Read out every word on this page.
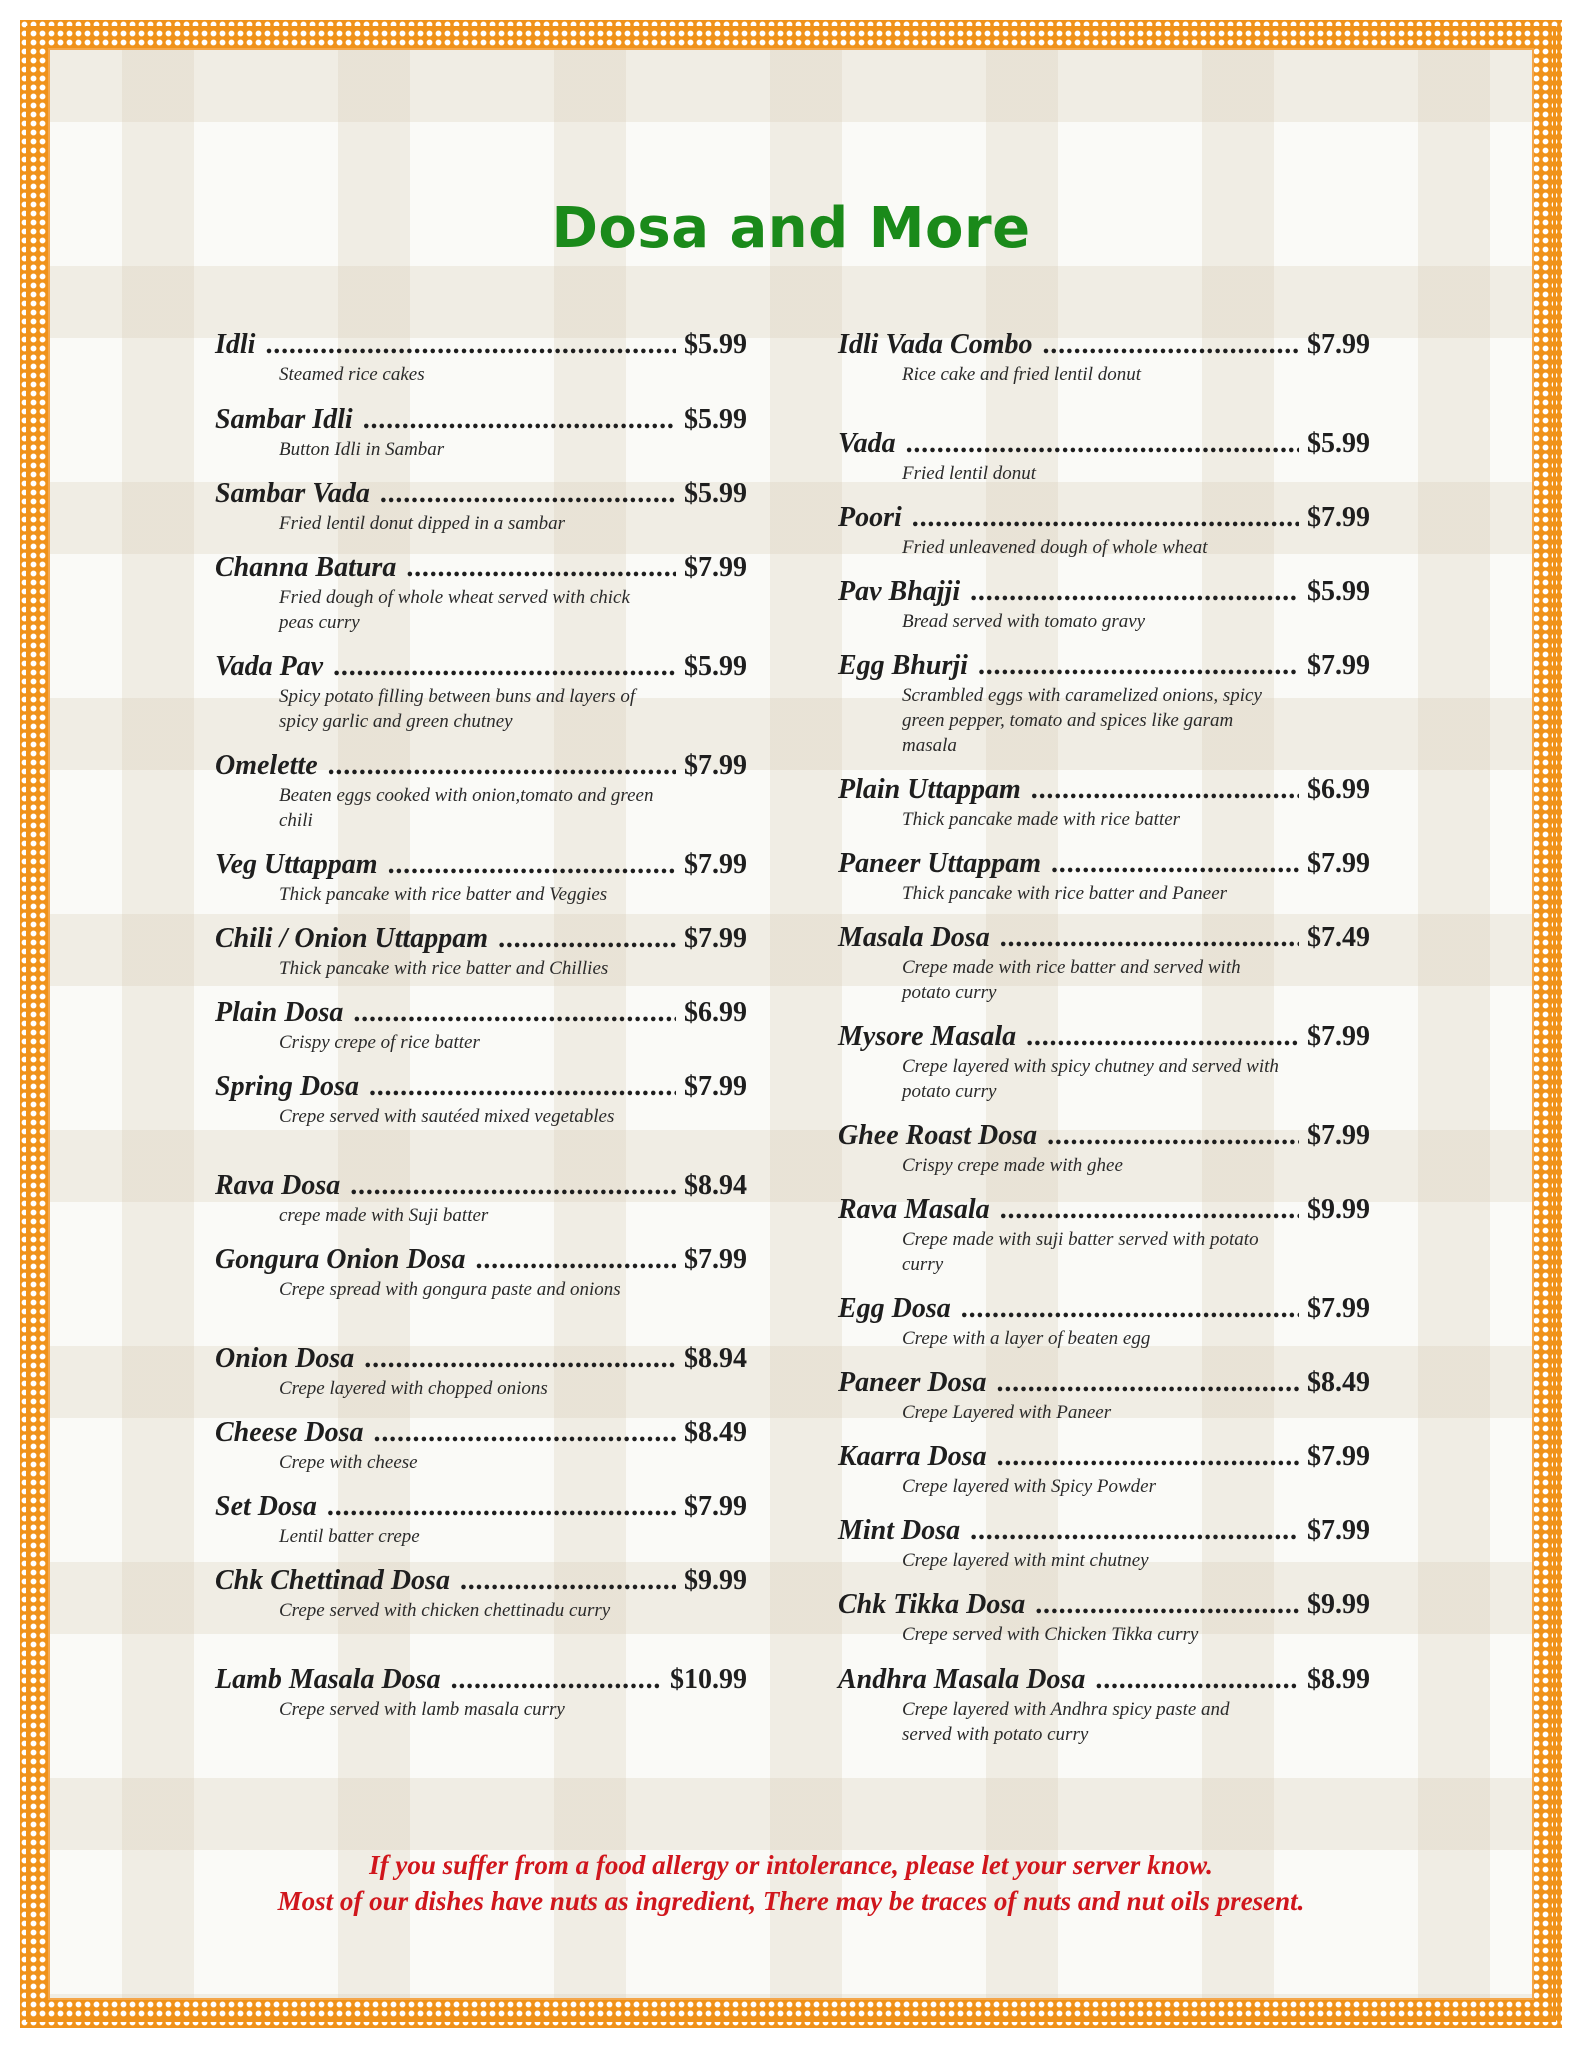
Dosa and More
Idli .....	$5.99
Steamed rice cakes
Sambar Idli .....	$5.99
Button Idli in Sambar
Sambar Vada .....	$5.99
Fried lentil donut dipped in a sambar
Channa Batura .....	$7.99
Fried dough of whole wheat served with chick peas curry
Vada Pav .....	$5.99
Spicy potato filling between buns and layers of spicy garlic and green chutney
Omelette .....	$7.99
Beaten eggs cooked with onion,tomato and green chili
Veg Uttappam .....	$7.99
Thick pancake with rice batter and Veggies
Chili / Onion Uttappam .....	$7.99
Thick pancake with rice batter and Chillies
Plain Dosa .....	$6.99
Crispy crepe of rice batter
Spring Dosa .....	$7.99
Crepe served with sautéed mixed vegetables
Rava Dosa .....	$8.94
crepe made with Suji batter
Gongura Onion Dosa .....	$7.99
Crepe spread with gongura paste and onions
Onion Dosa .....	$8.94
Crepe layered with chopped onions
Cheese Dosa .....	$8.49
Crepe with cheese
Set Dosa .....	$7.99
Lentil batter crepe
Chk Chettinad Dosa .....	$9.99
Crepe served with chicken chettinadu curry
Lamb Masala Dosa .....	$10.99
Crepe served with lamb masala curry
Idli Vada Combo .....	$7.99
Rice cake and fried lentil donut
Vada .....	$5.99
Fried lentil donut
Poori .....	$7.99
Fried unleavened dough of whole wheat
Pav Bhajji .....	$5.99
Bread served with tomato gravy
Egg Bhurji .....	$7.99
Scrambled eggs with caramelized onions, spicy green pepper, tomato and spices like garam masala
Plain Uttappam .....	$6.99
Thick pancake made with rice batter
Paneer Uttappam .....	$7.99
Thick pancake with rice batter and Paneer
Masala Dosa .....	$7.49
Crepe made with rice batter and served with potato curry
Mysore Masala .....	$7.99
Crepe layered with spicy chutney and served with potato curry
Ghee Roast Dosa .....	$7.99
Crispy crepe made with ghee
Rava Masala .....	$9.99
Crepe made with suji batter served with potato curry
Egg Dosa .....	$7.99
Crepe with a layer of beaten egg
Paneer Dosa .....	$8.49
Crepe Layered with Paneer
Kaarra Dosa .....	$7.99
Crepe layered with Spicy Powder
Mint Dosa .....	$7.99
Crepe layered with mint chutney
Chk Tikka Dosa .....	$9.99
Crepe served with Chicken Tikka curry
Andhra Masala Dosa .....	$8.99
Crepe layered with Andhra spicy paste and served with potato curry
If you suffer from a food allergy or intolerance, please let your server know.
Most of our dishes have nuts as ingredient, There may be traces of nuts and nut oils present.
